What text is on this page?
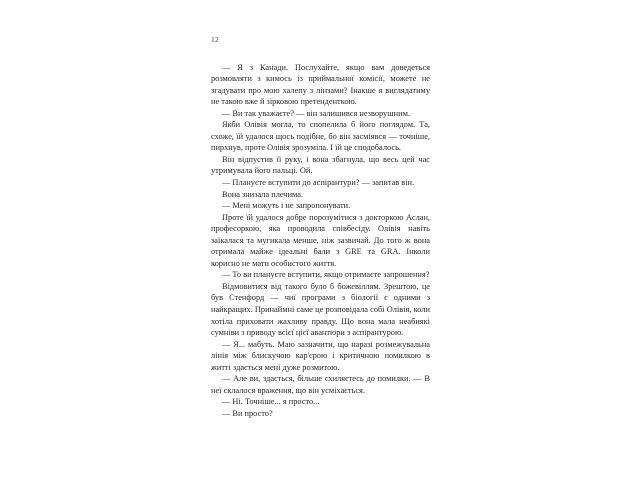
12

— Я з Канади. Послухайте, якщо вам доведеться розмовляти з кимось із приймальної комісії, можете не згадувати про мою халепу з лінзами? Інакше я виглядатиму не такою вже й зірковою претенденткою.

— Ви так уважаєте? — він залишився незворушним.

Якби Олівія могла, то спопелила б його поглядом. Та, схоже, їй удалося щось подібне, бо він засміявся — точніше, пирхнув, проте Олівія зрозуміла. І їй це сподобалось.

Він відпустив її руку, і вона збагнула, що весь цей час утримувала його пальці. Ой.

— Плануєте вступити до аспірантури? — запитав він.

Вона знизала плечима.

— Мені можуть і не запропонувати.

Проте їй удалося добре порозумітися з докторкою Аслан, професоркою, яка проводила співбесіду. Олівія навіть заїкалася та мугикала менше, ніж зазвичай. До того ж вона отримала майже ідеальні бали з GRE та GRA. Інколи корисно не мати особистого життя.

— То ви плануєте вступити, якщо отримаєте запрошення?

Відмовитися від такого було б божевіллям. Зрештою, це був Стенфорд — чиї програми з біології є одними з найкращих. Принаймні саме це розповідала собі Олівія, коли хотіла приховати жахливу правду. Що вона мала неабиякі сумніви з приводу всієї цієї авантюри з аспірантурою.

— Я... мабуть. Маю зазначити, що наразі розмежувальна лінія між блискучою кар'єрою і критичною помилкою в житті здається мені дуже розмитою.

— Але ви, здається, більше схиляєтесь до помилки. — В неї склалося враження, що він усміхається.

— Ні. Точніше... я просто...

— Ви просто?
